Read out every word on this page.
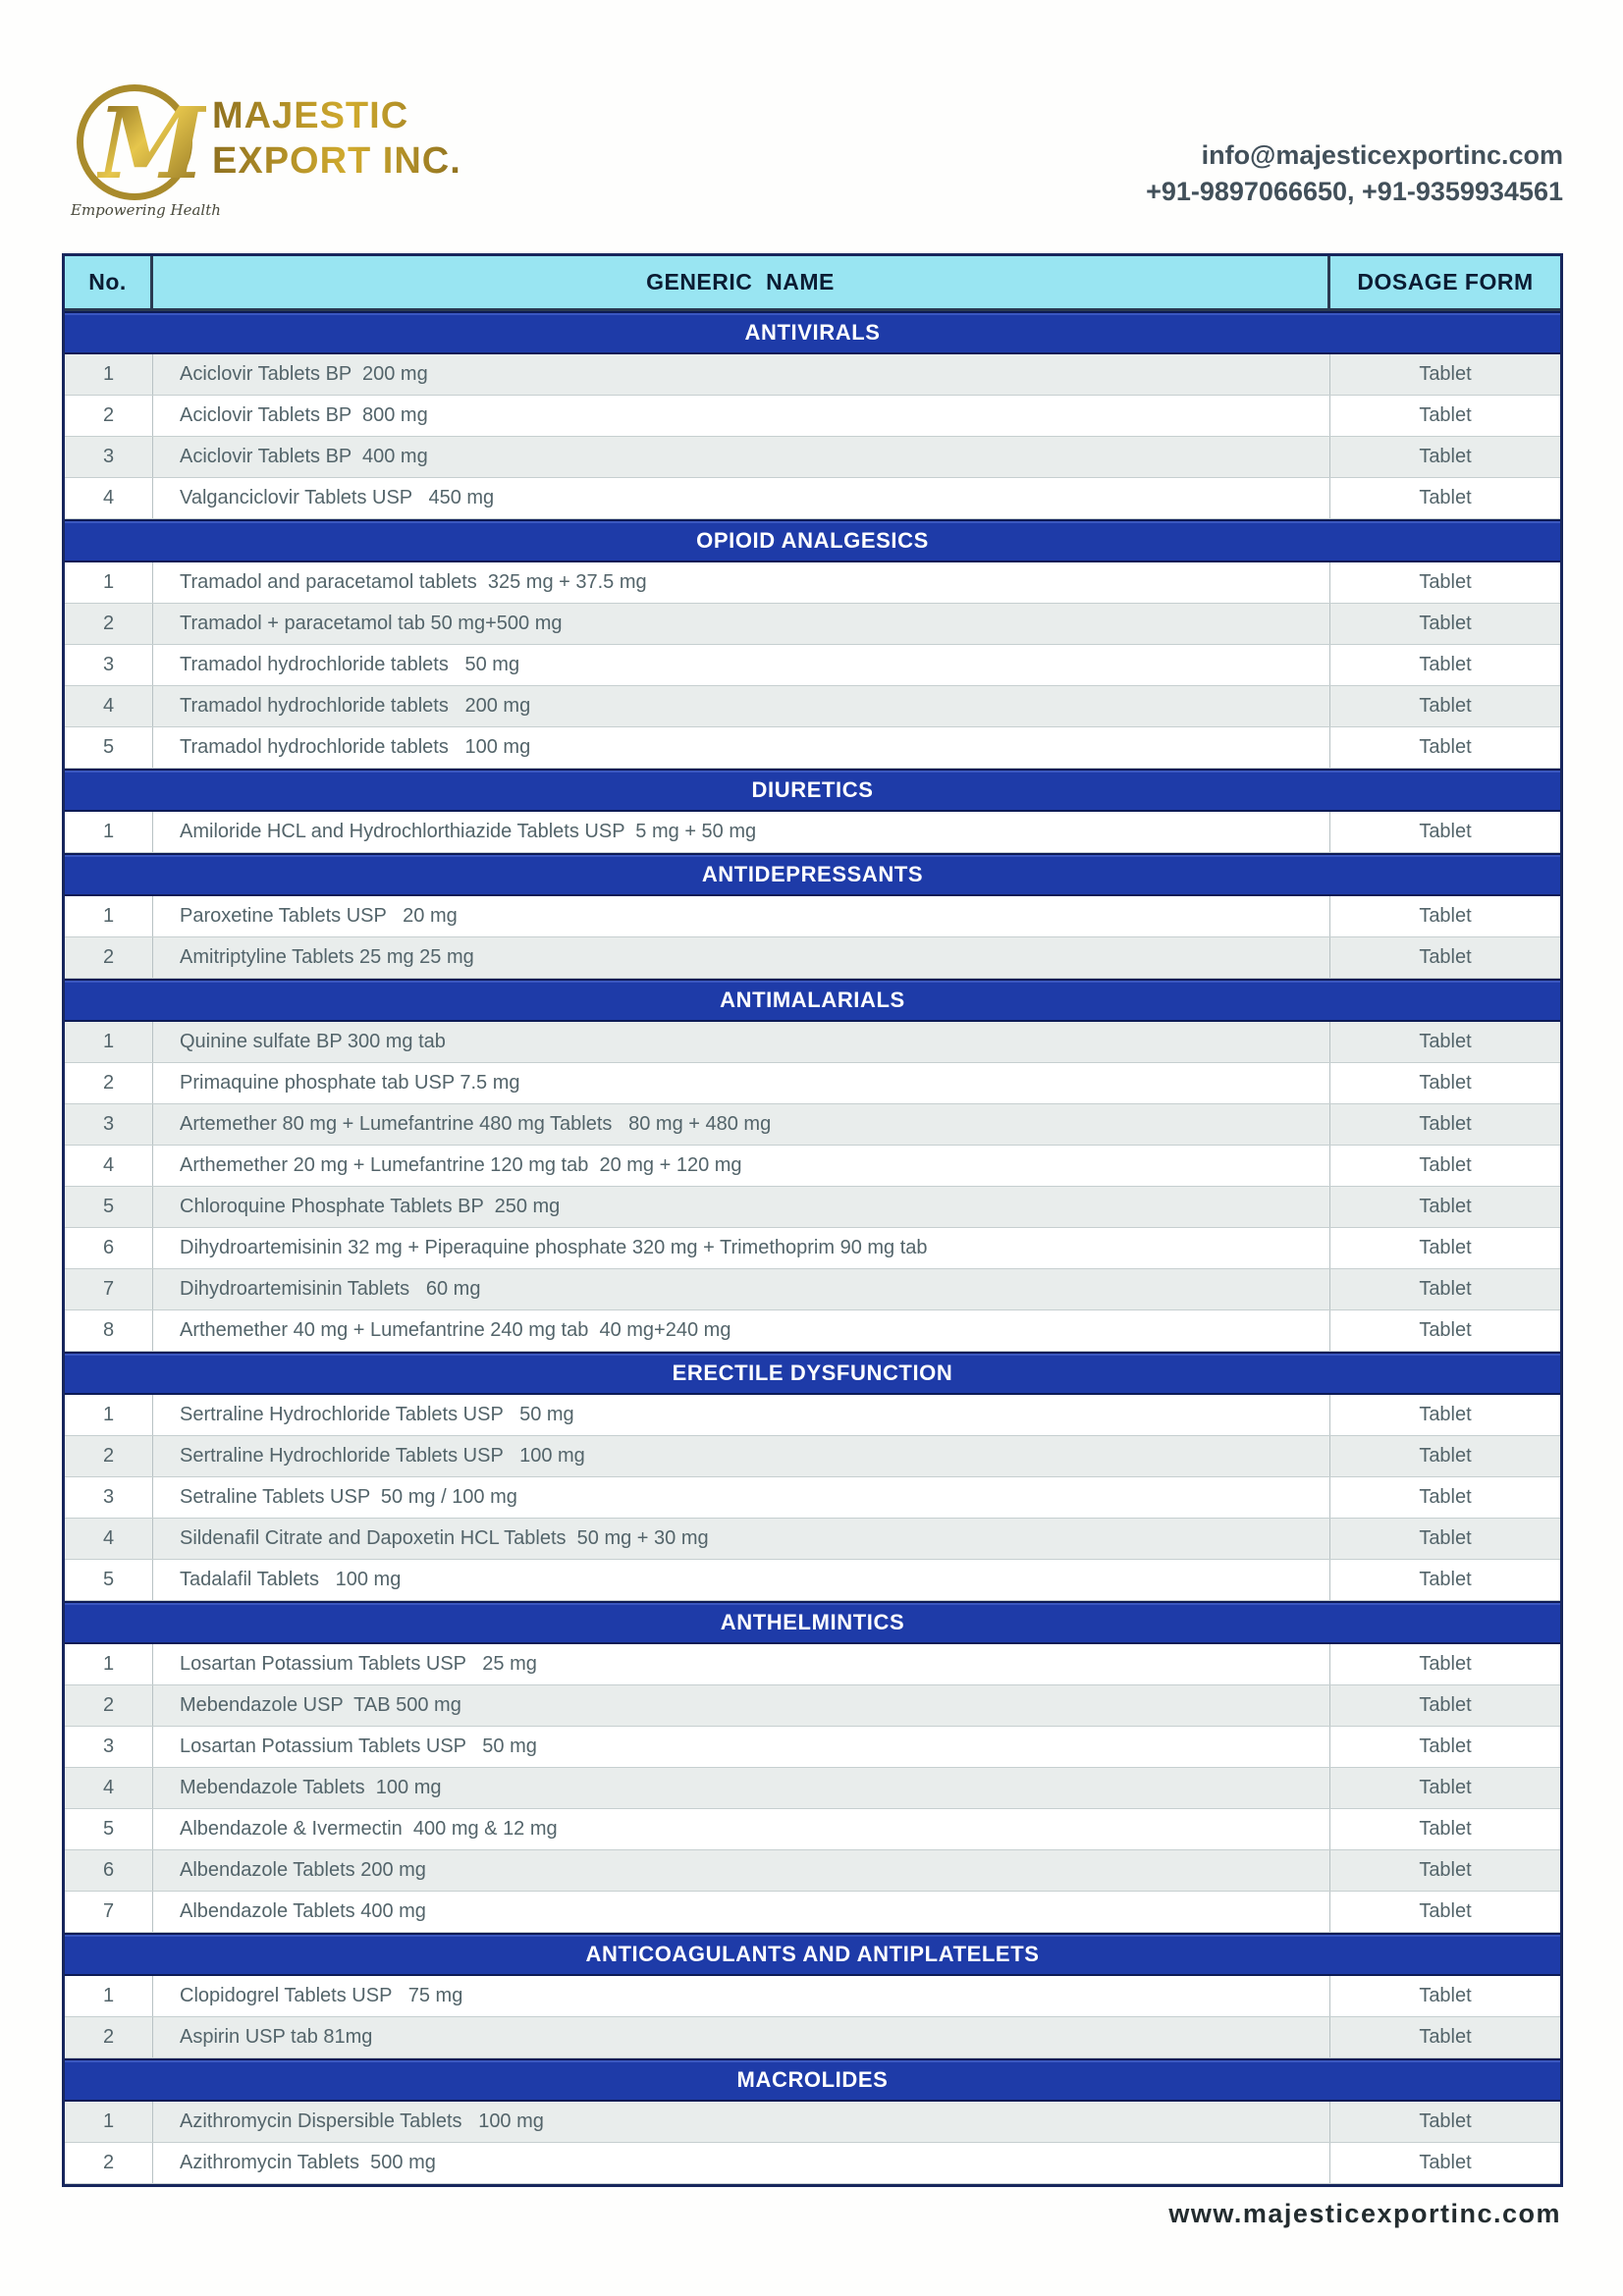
M MAJESTIC
EXPORT INC.
Empowering Health
info@majesticexportinc.com
+91-9897066650, +91-9359934561
No.	GENERIC  NAME	DOSAGE FORM
ANTIVIRALS
1	Aciclovir Tablets BP  200 mg	Tablet
2	Aciclovir Tablets BP  800 mg	Tablet
3	Aciclovir Tablets BP  400 mg	Tablet
4	Valganciclovir Tablets USP   450 mg	Tablet
OPIOID ANALGESICS
1	Tramadol and paracetamol tablets  325 mg + 37.5 mg	Tablet
2	Tramadol + paracetamol tab 50 mg+500 mg	Tablet
3	Tramadol hydrochloride tablets   50 mg	Tablet
4	Tramadol hydrochloride tablets   200 mg	Tablet
5	Tramadol hydrochloride tablets   100 mg	Tablet
DIURETICS
1	Amiloride HCL and Hydrochlorthiazide Tablets USP  5 mg + 50 mg	Tablet
ANTIDEPRESSANTS
1	Paroxetine Tablets USP   20 mg	Tablet
2	Amitriptyline Tablets 25 mg 25 mg	Tablet
ANTIMALARIALS
1	Quinine sulfate BP 300 mg tab	Tablet
2	Primaquine phosphate tab USP 7.5 mg	Tablet
3	Artemether 80 mg + Lumefantrine 480 mg Tablets   80 mg + 480 mg	Tablet
4	Arthemether 20 mg + Lumefantrine 120 mg tab  20 mg + 120 mg	Tablet
5	Chloroquine Phosphate Tablets BP  250 mg	Tablet
6	Dihydroartemisinin 32 mg + Piperaquine phosphate 320 mg + Trimethoprim 90 mg tab	Tablet
7	Dihydroartemisinin Tablets   60 mg	Tablet
8	Arthemether 40 mg + Lumefantrine 240 mg tab  40 mg+240 mg	Tablet
ERECTILE DYSFUNCTION
1	Sertraline Hydrochloride Tablets USP   50 mg	Tablet
2	Sertraline Hydrochloride Tablets USP   100 mg	Tablet
3	Setraline Tablets USP  50 mg / 100 mg	Tablet
4	Sildenafil Citrate and Dapoxetin HCL Tablets  50 mg + 30 mg	Tablet
5	Tadalafil Tablets   100 mg	Tablet
ANTHELMINTICS
1	Losartan Potassium Tablets USP   25 mg	Tablet
2	Mebendazole USP  TAB 500 mg	Tablet
3	Losartan Potassium Tablets USP   50 mg	Tablet
4	Mebendazole Tablets  100 mg	Tablet
5	Albendazole & Ivermectin  400 mg & 12 mg	Tablet
6	Albendazole Tablets 200 mg	Tablet
7	Albendazole Tablets 400 mg	Tablet
ANTICOAGULANTS AND ANTIPLATELETS
1	Clopidogrel Tablets USP   75 mg	Tablet
2	Aspirin USP tab 81mg	Tablet
MACROLIDES
1	Azithromycin Dispersible Tablets   100 mg	Tablet
2	Azithromycin Tablets  500 mg	Tablet
www.majesticexportinc.com
